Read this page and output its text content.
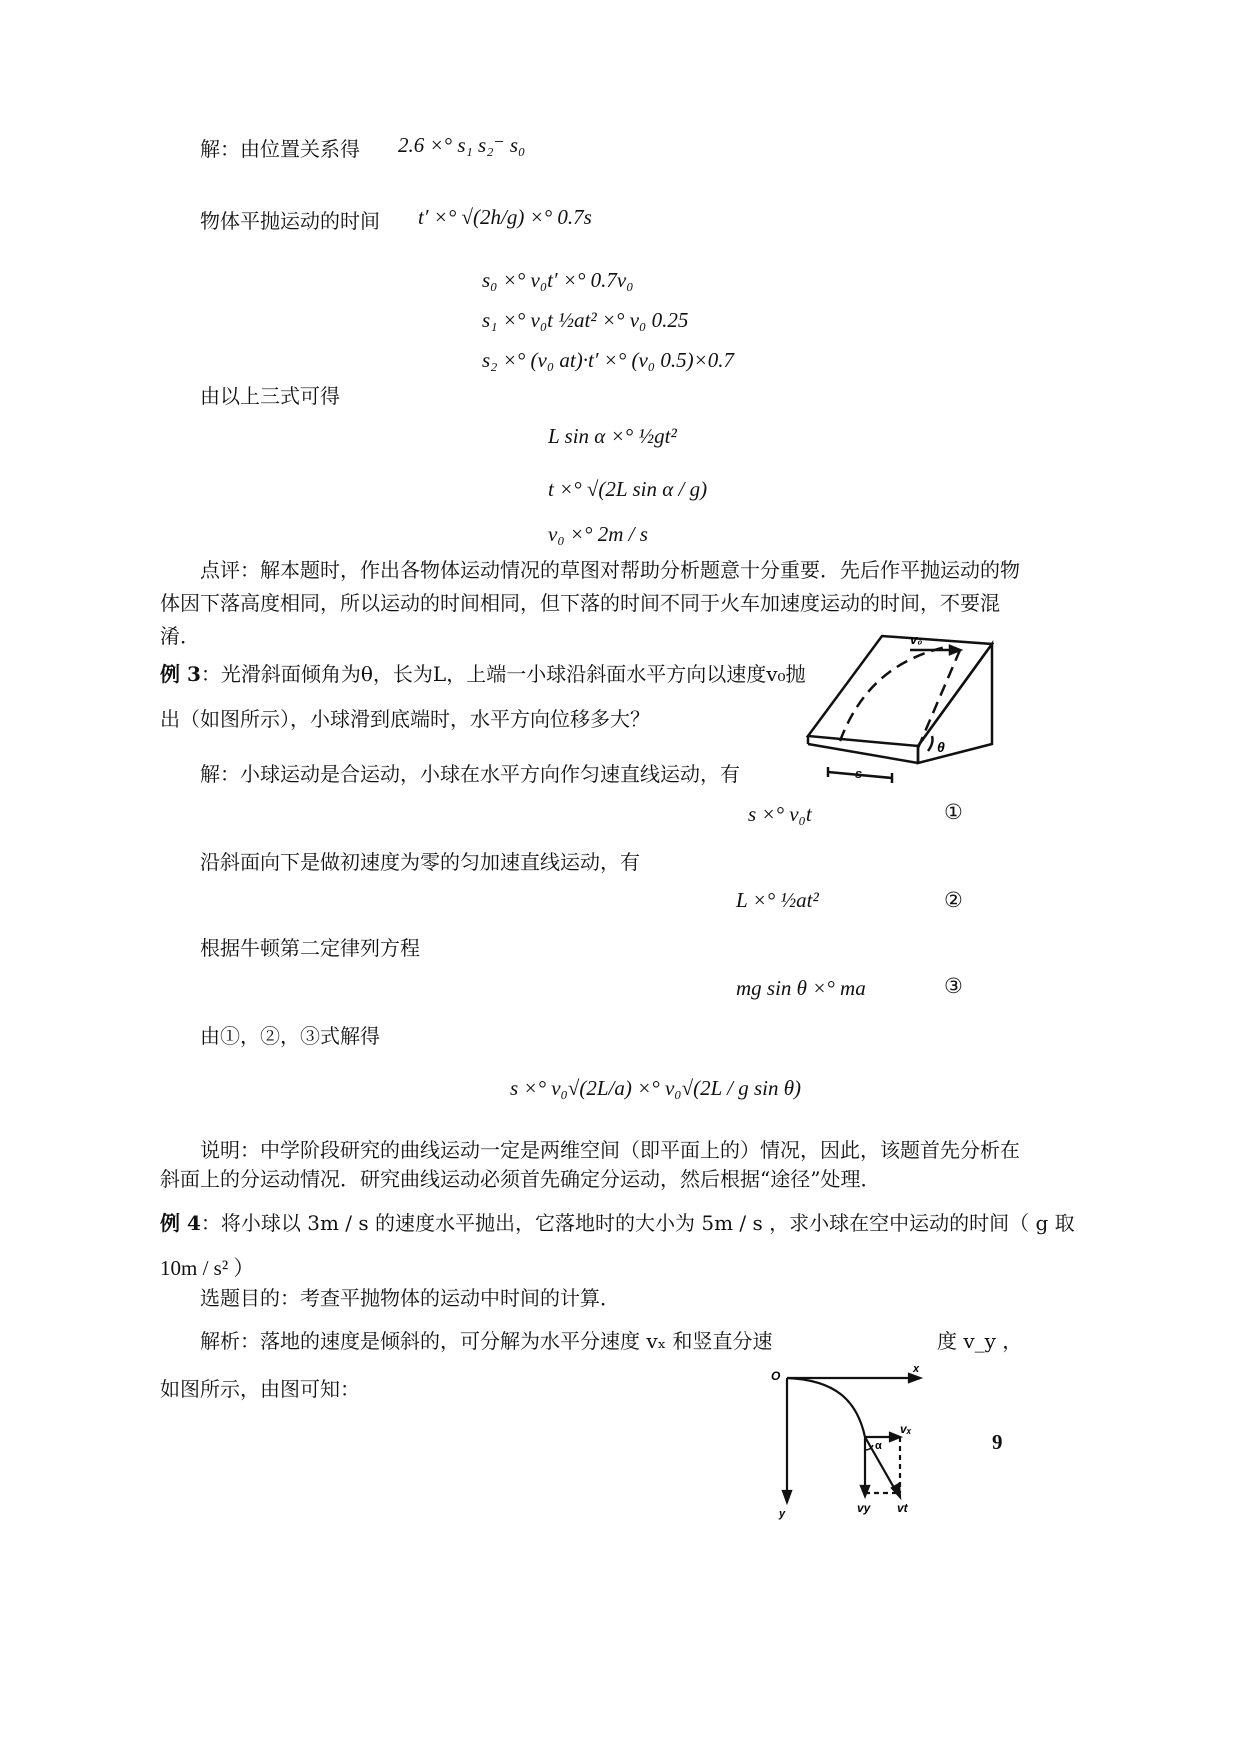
解：由位置关系得 2.6 ×° s₁ s₂⁻ s₀
物体平抛运动的时间 t′ ×° √(2h/g) ×° 0.7s
s₀ ×° v₀t′ ×° 0.7v₀
s₁ ×° v₀t ½at² ×° v₀ 0.25
s₂ ×° (v₀ at)·t′ ×° (v₀ 0.5)×0.7
由以上三式可得
L sin α ×° ½gt²
t ×° √(2L sin α / g)
v₀ ×° 2m / s
点评：解本题时，作出各物体运动情况的草图对帮助分析题意十分重要．先后作平抛运动的物
体因下落高度相同，所以运动的时间相同，但下落的时间不同于火车加速度运动的时间，不要混
淆．
例 3：光滑斜面倾角为θ，长为L，上端一小球沿斜面水平方向以速度v₀抛
出（如图所示），小球滑到底端时，水平方向位移多大？
v₀
s
θ
解：小球运动是合运动，小球在水平方向作匀速直线运动，有
s ×° v₀t	①
沿斜面向下是做初速度为零的匀加速直线运动，有
L ×° ½at²	②
根据牛顿第二定律列方程
mg sin θ ×° ma	③
由①，②，③式解得
s ×° v₀√(2L/a) ×° v₀√(2L / g sin θ)
说明：中学阶段研究的曲线运动一定是两维空间（即平面上的）情况，因此，该题首先分析在
斜面上的分运动情况．研究曲线运动必须首先确定分运动，然后根据“途径”处理．
例 4：将小球以 3m / s 的速度水平抛出，它落地时的大小为 5m / s ，求小球在空中运动的时间（ g 取
10m / s² ）
选题目的：考查平抛物体的运动中时间的计算．
解析：落地的速度是倾斜的，可分解为水平分速度 vₓ 和竖直分速	度 v_y ，
如图所示，由图可知：
O	x
y
α
vₓ
vy vt
9
